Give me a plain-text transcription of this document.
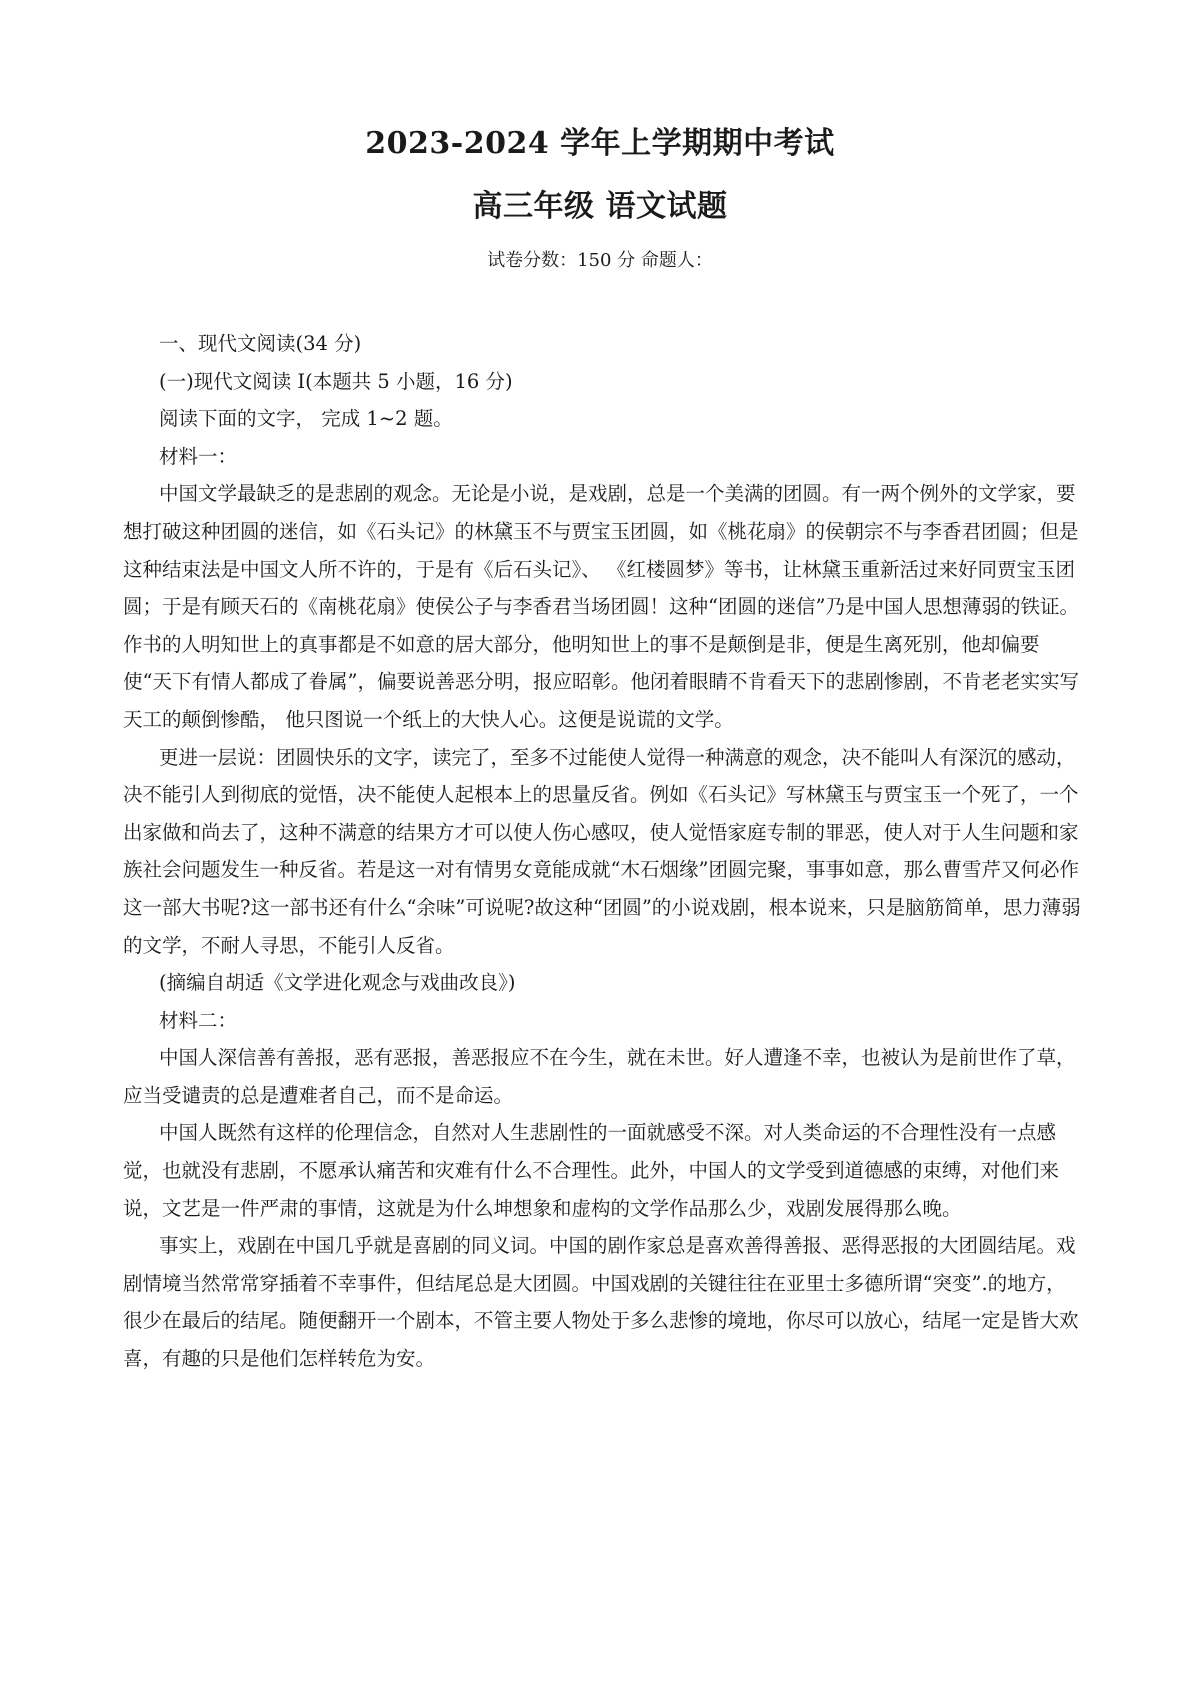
2023-2024 学年上学期期中考试
高三年级 语文试题
试卷分数：150 分 命题人：

一、现代文阅读(34 分)

(一)现代文阅读 I(本题共 5 小题，16 分)

阅读下面的文字， 完成 1~2 题。

材料一：

中国文学最缺乏的是悲剧的观念。无论是小说，是戏剧，总是一个美满的团圆。有一两个例外的文学家，要想打破这种团圆的迷信，如《石头记》的林黛玉不与贾宝玉团圆，如《桃花扇》的侯朝宗不与李香君团圆；但是这种结束法是中国文人所不许的，于是有《后石头记》、 《红楼圆梦》等书，让林黛玉重新活过来好同贾宝玉团圆；于是有顾天石的《南桃花扇》使侯公子与李香君当场团圆！这种“团圆的迷信”乃是中国人思想薄弱的铁证。作书的人明知世上的真事都是不如意的居大部分，他明知世上的事不是颠倒是非，便是生离死别，他却偏要使“天下有情人都成了眷属”，偏要说善恶分明，报应昭彰。他闭着眼睛不肯看天下的悲剧惨剧，不肯老老实实写天工的颠倒惨酷， 他只图说一个纸上的大快人心。这便是说谎的文学。

更进一层说：团圆快乐的文字，读完了，至多不过能使人觉得一种满意的观念，决不能叫人有深沉的感动，决不能引人到彻底的觉悟，决不能使人起根本上的思量反省。例如《石头记》写林黛玉与贾宝玉一个死了，一个出家做和尚去了，这种不满意的结果方才可以使人伤心感叹，使人觉悟家庭专制的罪恶，使人对于人生问题和家族社会问题发生一种反省。若是这一对有情男女竟能成就“木石烟缘”团圆完聚，事事如意，那么曹雪芹又何必作这一部大书呢?这一部书还有什么“余味”可说呢?故这种“团圆”的小说戏剧，根本说来，只是脑筋简单，思力薄弱的文学，不耐人寻思，不能引人反省。

(摘编自胡适《文学进化观念与戏曲改良》)

材料二：

中国人深信善有善报，恶有恶报，善恶报应不在今生，就在未世。好人遭逢不幸，也被认为是前世作了草，应当受谴责的总是遭难者自己，而不是命运。

中国人既然有这样的伦理信念，自然对人生悲剧性的一面就感受不深。对人类命运的不合理性没有一点感觉，也就没有悲剧，不愿承认痛苦和灾难有什么不合理性。此外，中国人的文学受到道德感的束缚，对他们来说，文艺是一件严肃的事情，这就是为什么坤想象和虚构的文学作品那么少，戏剧发展得那么晚。

事实上，戏剧在中国几乎就是喜剧的同义词。中国的剧作家总是喜欢善得善报、恶得恶报的大团圆结尾。戏剧情境当然常常穿插着不幸事件，但结尾总是大团圆。中国戏剧的关键往往在亚里士多德所谓“突变”.的地方，很少在最后的结尾。随便翻开一个剧本，不管主要人物处于多么悲惨的境地，你尽可以放心，结尾一定是皆大欢喜，有趣的只是他们怎样转危为安。
